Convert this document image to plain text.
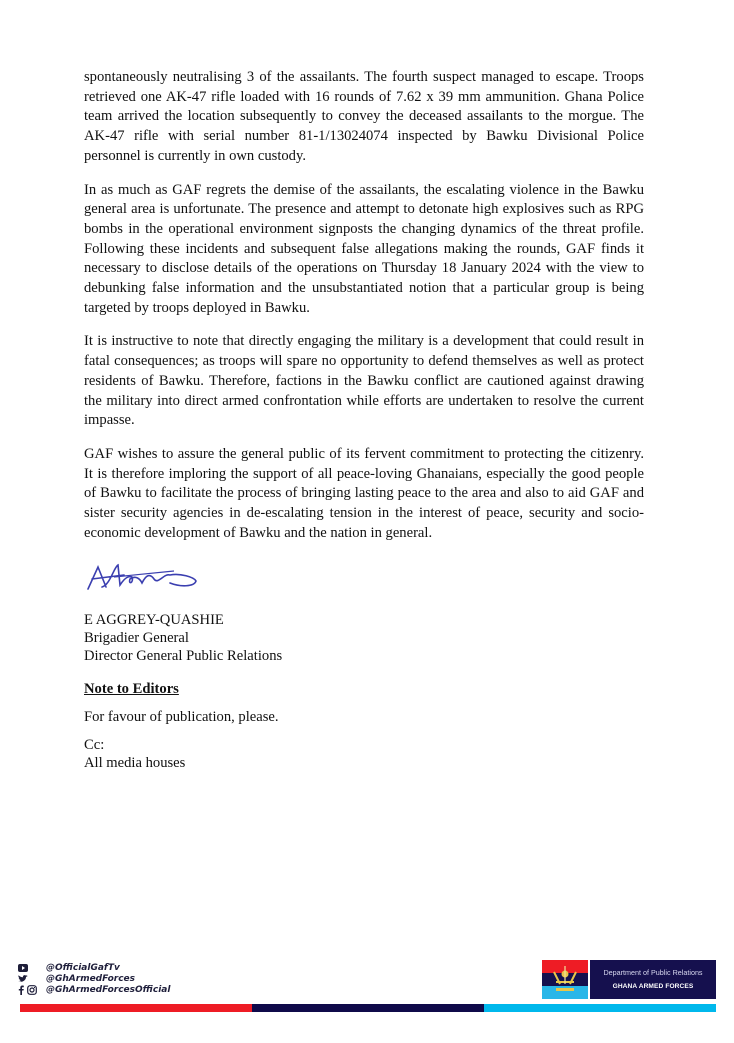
spontaneously neutralising 3 of the assailants. The fourth suspect managed to escape. Troops retrieved one AK-47 rifle loaded with 16 rounds of 7.62 x 39 mm ammunition. Ghana Police team arrived the location subsequently to convey the deceased assailants to the morgue. The AK-47 rifle with serial number 81-1/13024074 inspected by Bawku Divisional Police personnel is currently in own custody.

In as much as GAF regrets the demise of the assailants, the escalating violence in the Bawku general area is unfortunate. The presence and attempt to detonate high explosives such as RPG bombs in the operational environment signposts the changing dynamics of the threat profile. Following these incidents and subsequent false allegations making the rounds, GAF finds it necessary to disclose details of the operations on Thursday 18 January 2024 with the view to debunking false information and the unsubstantiated notion that a particular group is being targeted by troops deployed in Bawku.

It is instructive to note that directly engaging the military is a development that could result in fatal consequences; as troops will spare no opportunity to defend themselves as well as protect residents of Bawku. Therefore, factions in the Bawku conflict are cautioned against drawing the military into direct armed confrontation while efforts are undertaken to resolve the current impasse.

GAF wishes to assure the general public of its fervent commitment to protecting the citizenry. It is therefore imploring the support of all peace-loving Ghanaians, especially the good people of Bawku to facilitate the process of bringing lasting peace to the area and also to aid GAF and sister security agencies in de-escalating tension in the interest of peace, security and socio-economic development of Bawku and the nation in general.

E AGGREY-QUASHIE
Brigadier General
Director General Public Relations
Note to Editors
For favour of publication, please.
Cc:
All media houses
@OfficialGafTv
@GhArmedForces
@GhArmedForcesOfficial
Department of Public Relations
GHANA ARMED FORCES
